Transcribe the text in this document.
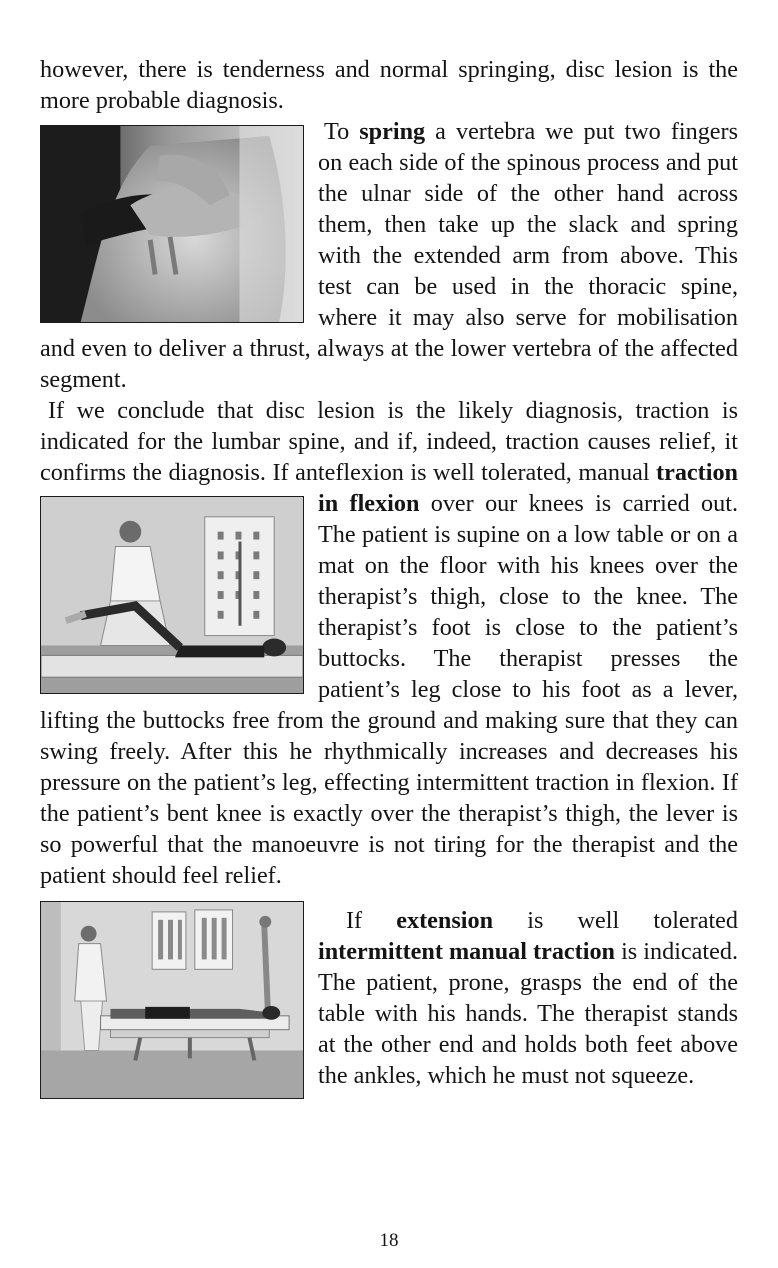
however, there is tenderness and normal springing, disc lesion is the more probable diagnosis.

To spring a vertebra we put two fingers on each side of the spinous process and put the ulnar side of the other hand across them, then take up the slack and spring with the extended arm from above. This test can be used in the thoracic spine, where it may also serve for mobilisation and even to deliver a thrust, always at the lower vertebra of the affected segment.

If we conclude that disc lesion is the likely diagnosis, traction is indicated for the lumbar spine, and if, indeed, traction causes relief, it confirms the diagnosis. If anteflexion is well tolerated, manual
traction in flexion over our knees is carried out. The patient is supine on a low table or on a mat on the floor with his knees over the therapist’s thigh, close to the knee. The therapist’s foot is close to the patient’s buttocks. The therapist presses the patient’s leg close to his foot as a lever, lifting the buttocks free from the ground and making sure that they can swing freely. After this he rhythmically increases and decreases his pressure on the patient’s leg, effecting intermittent traction in flexion. If the patient’s bent knee is exactly over the therapist’s thigh, the lever is so powerful that the manoeuvre is not tiring for the therapist and the patient should feel relief.

If extension is well tolerated intermittent manual traction is indicated. The patient, prone, grasps the end of the table with his hands. The therapist stands at the other end and holds both feet above the ankles, which he must not squeeze.

18
